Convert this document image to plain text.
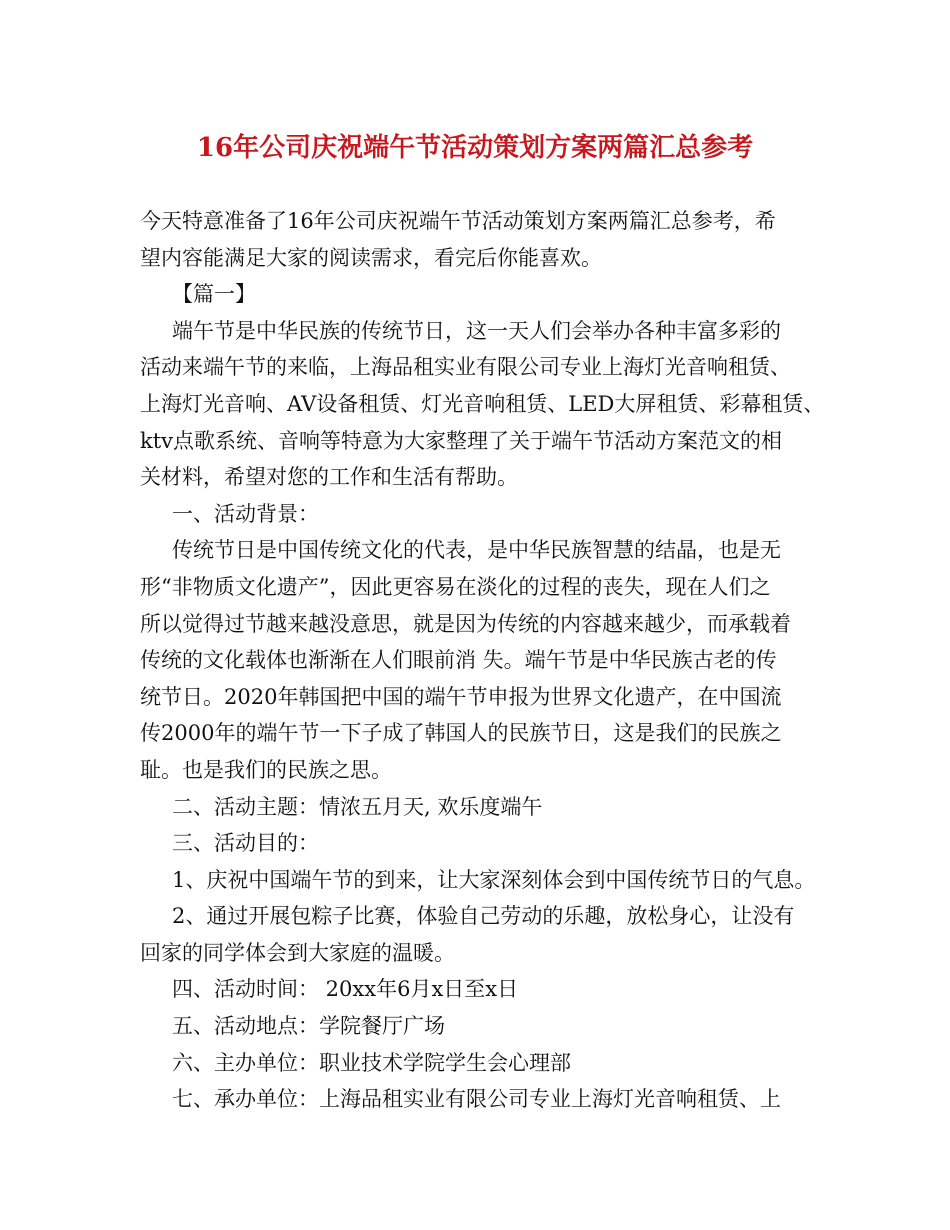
16年公司庆祝端午节活动策划方案两篇汇总参考
今天特意准备了16年公司庆祝端午节活动策划方案两篇汇总参考，希
望内容能满足大家的阅读需求，看完后你能喜欢。
【篇一】
端午节是中华民族的传统节日，这一天人们会举办各种丰富多彩的
活动来端午节的来临，上海品租实业有限公司专业上海灯光音响租赁、
上海灯光音响、AV设备租赁、灯光音响租赁、LED大屏租赁、彩幕租赁、
ktv点歌系统、音响等特意为大家整理了关于端午节活动方案范文的相
关材料，希望对您的工作和生活有帮助。
一、活动背景：
传统节日是中国传统文化的代表，是中华民族智慧的结晶，也是无
形“非物质文化遗产”，因此更容易在淡化的过程的丧失，现在人们之
所以觉得过节越来越没意思，就是因为传统的内容越来越少，而承载着
传统的文化载体也渐渐在人们眼前消 失。端午节是中华民族古老的传
统节日。2020年韩国把中国的端午节申报为世界文化遗产，在中国流
传2000年的端午节一下子成了韩国人的民族节日，这是我们的民族之
耻。也是我们的民族之思。
二、活动主题：情浓五月天, 欢乐度端午
三、活动目的：
1、庆祝中国端午节的到来，让大家深刻体会到中国传统节日的气息。
2、通过开展包粽子比赛，体验自己劳动的乐趣，放松身心，让没有
回家的同学体会到大家庭的温暖。
四、活动时间： 20xx年6月x日至x日
五、活动地点：学院餐厅广场
六、主办单位：职业技术学院学生会心理部
七、承办单位：上海品租实业有限公司专业上海灯光音响租赁、上
